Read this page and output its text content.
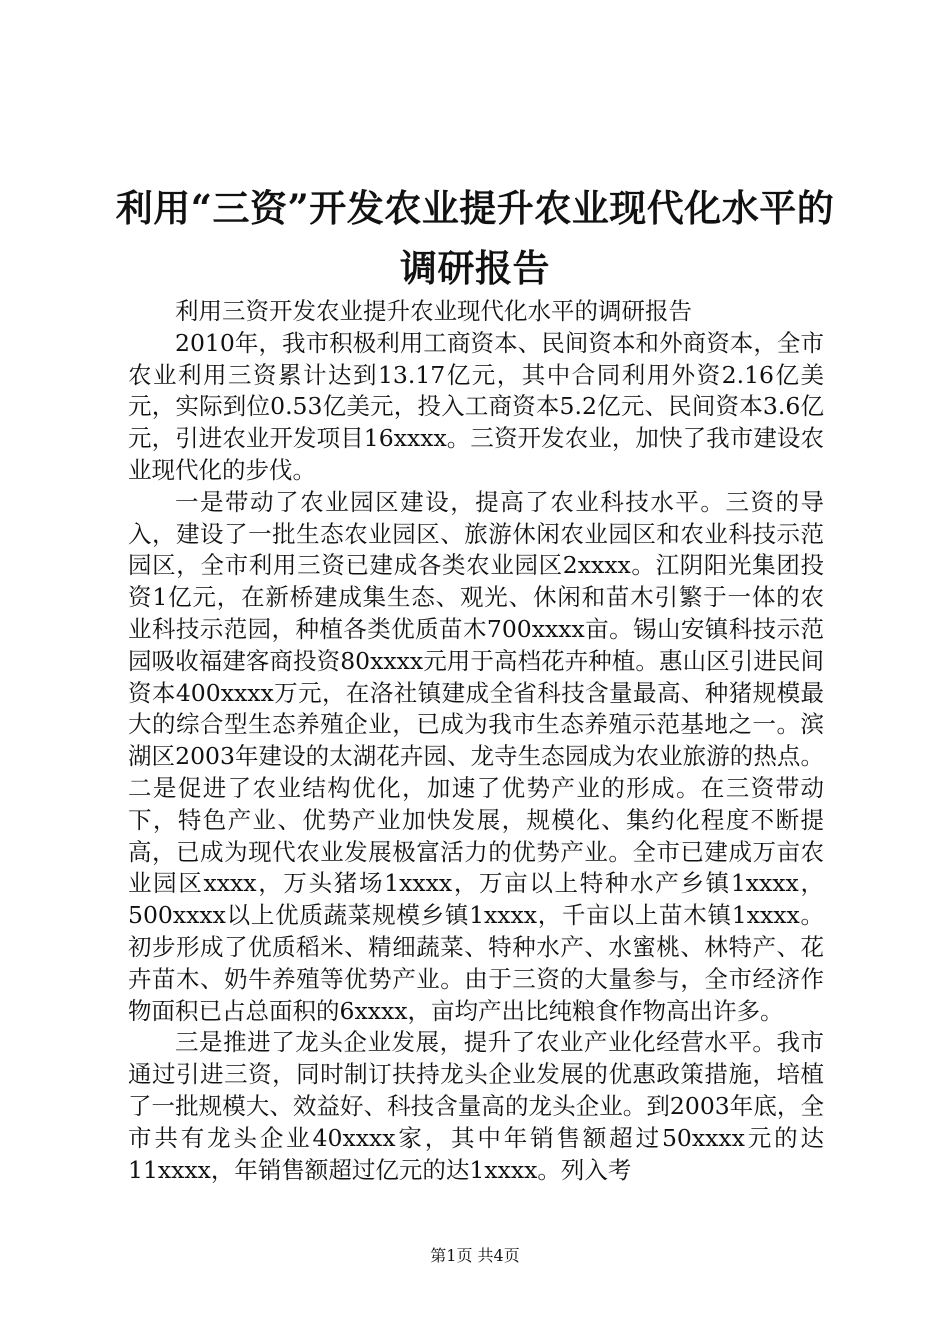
利用“三资”开发农业提升农业现代化水平的
调研报告

利用三资开发农业提升农业现代化水平的调研报告

2010年，我市积极利用工商资本、民间资本和外商资本，全市农业利用三资累计达到13.17亿元，其中合同利用外资2.16亿美元，实际到位0.53亿美元，投入工商资本5.2亿元、民间资本3.6亿元，引进农业开发项目16xxxx。三资开发农业，加快了我市建设农业现代化的步伐。

一是带动了农业园区建设，提高了农业科技水平。三资的导入，建设了一批生态农业园区、旅游休闲农业园区和农业科技示范园区，全市利用三资已建成各类农业园区2xxxx。江阴阳光集团投资1亿元，在新桥建成集生态、观光、休闲和苗木引繁于一体的农业科技示范园，种植各类优质苗木700xxxx亩。锡山安镇科技示范园吸收福建客商投资80xxxx元用于高档花卉种植。惠山区引进民间资本400xxxx万元，在洛社镇建成全省科技含量最高、种猪规模最大的综合型生态养殖企业，已成为我市生态养殖示范基地之一。滨湖区2003年建设的太湖花卉园、龙寺生态园成为农业旅游的热点。二是促进了农业结构优化，加速了优势产业的形成。在三资带动下，特色产业、优势产业加快发展，规模化、集约化程度不断提高，已成为现代农业发展极富活力的优势产业。全市已建成万亩农业园区xxxx，万头猪场1xxxx，万亩以上特种水产乡镇1xxxx，500xxxx以上优质蔬菜规模乡镇1xxxx，千亩以上苗木镇1xxxx。初步形成了优质稻米、精细蔬菜、特种水产、水蜜桃、林特产、花卉苗木、奶牛养殖等优势产业。由于三资的大量参与，全市经济作物面积已占总面积的6xxxx，亩均产出比纯粮食作物高出许多。

三是推进了龙头企业发展，提升了农业产业化经营水平。我市通过引进三资，同时制订扶持龙头企业发展的优惠政策措施，培植了一批规模大、效益好、科技含量高的龙头企业。到2003年底，全市共有龙头企业40xxxx家，其中年销售额超过50xxxx元的达11xxxx，年销售额超过亿元的达1xxxx。列入考

第1页 共4页
